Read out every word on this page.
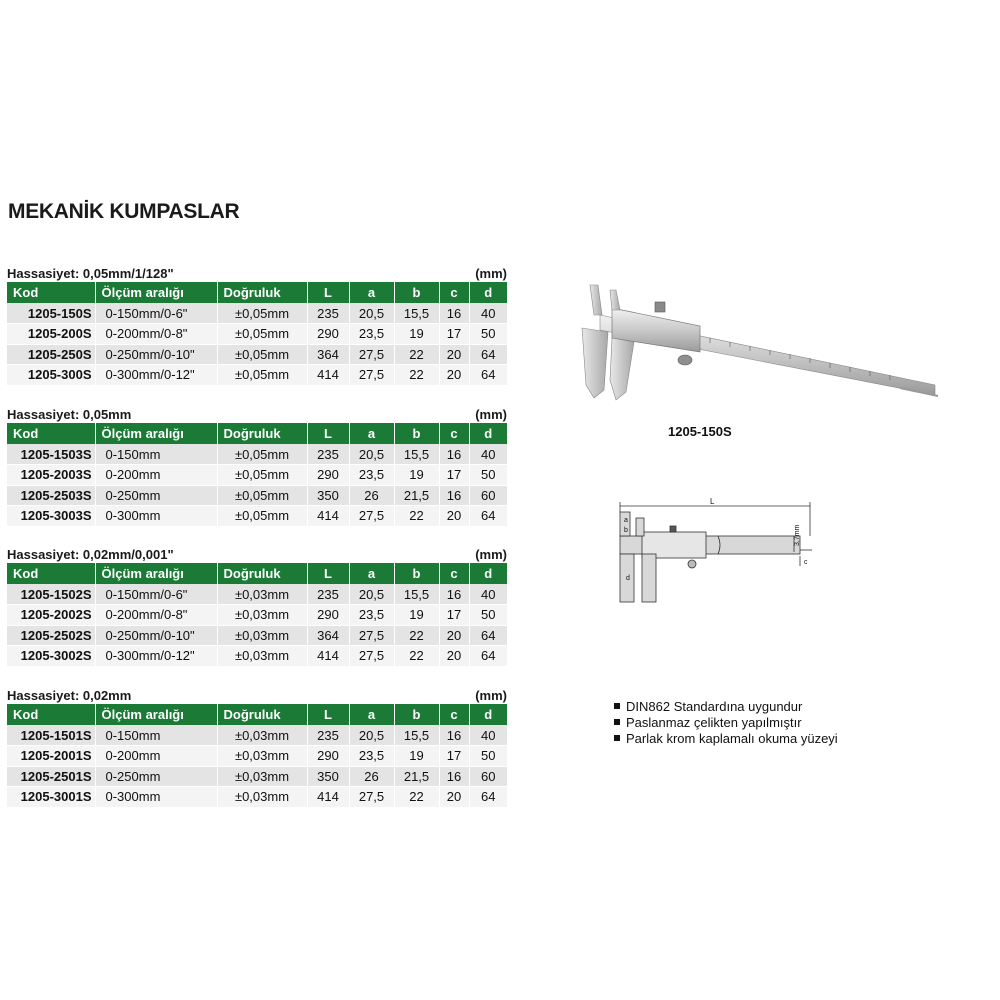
MEKANİK KUMPASLAR
Hassasiyet: 0,05mm/1/128"	(mm)
Kod	Ölçüm aralığı	Doğruluk	L	a	b	c	d
1205-150S	0-150mm/0-6"	±0,05mm	235	20,5	15,5	16	40
1205-200S	0-200mm/0-8"	±0,05mm	290	23,5	19	17	50
1205-250S	0-250mm/0-10"	±0,05mm	364	27,5	22	20	64
1205-300S	0-300mm/0-12"	±0,05mm	414	27,5	22	20	64
Hassasiyet: 0,05mm	(mm)
Kod	Ölçüm aralığı	Doğruluk	L	a	b	c	d
1205-1503S	0-150mm	±0,05mm	235	20,5	15,5	16	40
1205-2003S	0-200mm	±0,05mm	290	23,5	19	17	50
1205-2503S	0-250mm	±0,05mm	350	26	21,5	16	60
1205-3003S	0-300mm	±0,05mm	414	27,5	22	20	64
Hassasiyet: 0,02mm/0,001"	(mm)
Kod	Ölçüm aralığı	Doğruluk	L	a	b	c	d
1205-1502S	0-150mm/0-6"	±0,03mm	235	20,5	15,5	16	40
1205-2002S	0-200mm/0-8"	±0,03mm	290	23,5	19	17	50
1205-2502S	0-250mm/0-10"	±0,03mm	364	27,5	22	20	64
1205-3002S	0-300mm/0-12"	±0,03mm	414	27,5	22	20	64
Hassasiyet: 0,02mm	(mm)
Kod	Ölçüm aralığı	Doğruluk	L	a	b	c	d
1205-1501S	0-150mm	±0,03mm	235	20,5	15,5	16	40
1205-2001S	0-200mm	±0,03mm	290	23,5	19	17	50
1205-2501S	0-250mm	±0,03mm	350	26	21,5	16	60
1205-3001S	0-300mm	±0,03mm	414	27,5	22	20	64
1205-150S
L
a
b
c
d
3,7mm
DIN862 Standardına uygundur
Paslanmaz çelikten yapılmıştır
Parlak krom kaplamalı okuma yüzeyi
